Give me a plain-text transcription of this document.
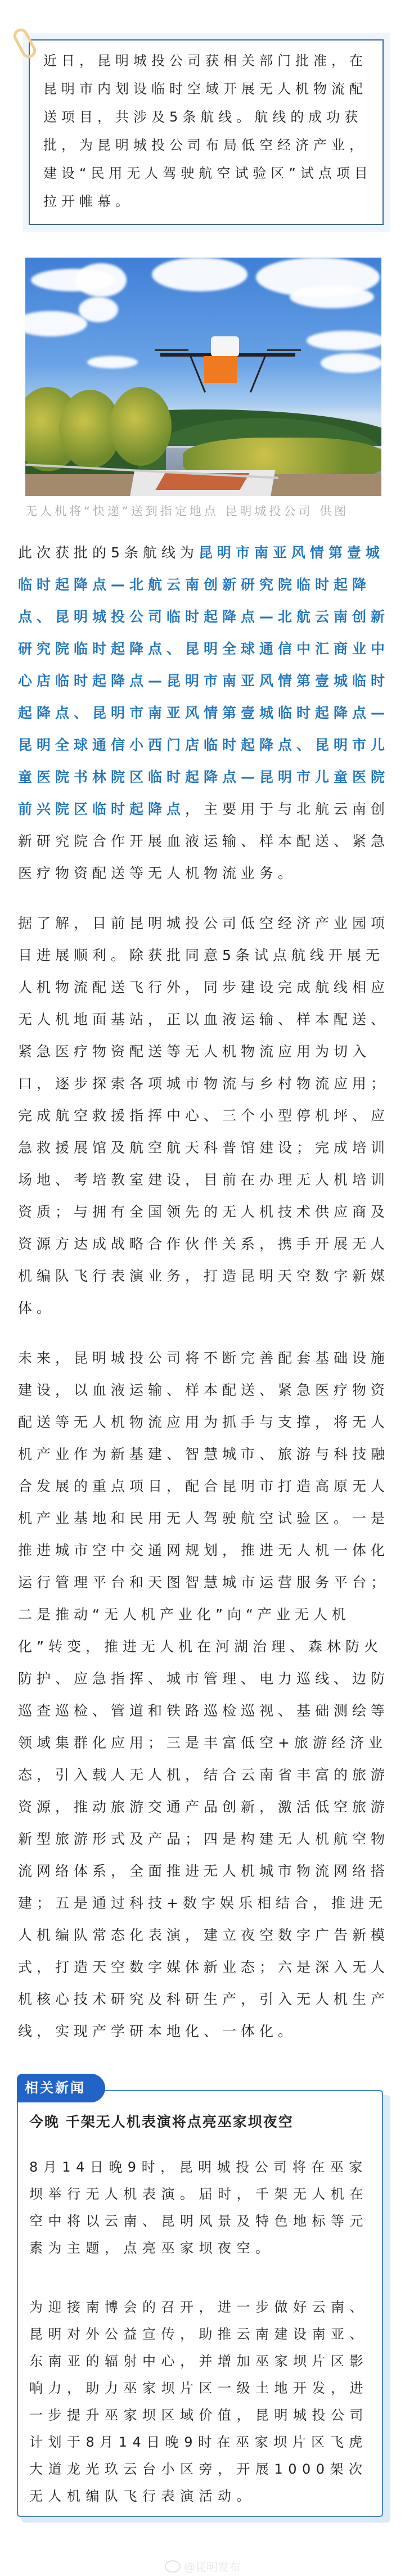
近日，昆明城投公司获相关部门批准，在昆明市内划设临时空域开展无人机物流配送项目，共涉及5条航线。航线的成功获批，为昆明城投公司布局低空经济产业，建设“民用无人驾驶航空试验区”试点项目拉开帷幕。

无人机将“快递”送到指定地点 昆明城投公司 供图

此次获批的5条航线为昆明市南亚风情第壹城临时起降点—北航云南创新研究院临时起降点、昆明城投公司临时起降点—北航云南创新研究院临时起降点、昆明全球通信中汇商业中心店临时起降点—昆明市南亚风情第壹城临时起降点、昆明市南亚风情第壹城临时起降点—昆明全球通信小西门店临时起降点、昆明市儿童医院书林院区临时起降点—昆明市儿童医院前兴院区临时起降点，主要用于与北航云南创新研究院合作开展血液运输、样本配送、紧急医疗物资配送等无人机物流业务。

据了解，目前昆明城投公司低空经济产业园项目进展顺利。除获批同意5条试点航线开展无人机物流配送飞行外，同步建设完成航线相应无人机地面基站，正以血液运输、样本配送、紧急医疗物资配送等无人机物流应用为切入口，逐步探索各项城市物流与乡村物流应用；完成航空救援指挥中心、三个小型停机坪、应急救援展馆及航空航天科普馆建设；完成培训场地、考培教室建设，目前在办理无人机培训资质；与拥有全国领先的无人机技术供应商及资源方达成战略合作伙伴关系，携手开展无人机编队飞行表演业务，打造昆明天空数字新媒体。

未来，昆明城投公司将不断完善配套基础设施建设，以血液运输、样本配送、紧急医疗物资配送等无人机物流应用为抓手与支撑，将无人机产业作为新基建、智慧城市、旅游与科技融合发展的重点项目，配合昆明市打造高原无人机产业基地和民用无人驾驶航空试验区。一是推进城市空中交通网规划，推进无人机一体化运行管理平台和天图智慧城市运营服务平台；二是推动“无人机产业化”向“产业无人机化”转变，推进无人机在河湖治理、森林防火防护、应急指挥、城市管理、电力巡线、边防巡查巡检、管道和铁路巡检巡视、基础测绘等领域集群化应用；三是丰富低空+旅游经济业态，引入载人无人机，结合云南省丰富的旅游资源，推动旅游交通产品创新，激活低空旅游新型旅游形式及产品；四是构建无人机航空物流网络体系，全面推进无人机城市物流网络搭建；五是通过科技+数字娱乐相结合，推进无人机编队常态化表演，建立夜空数字广告新模式，打造天空数字媒体新业态；六是深入无人机核心技术研究及科研生产，引入无人机生产线，实现产学研本地化、一体化。

相关新闻

今晚 千架无人机表演将点亮巫家坝夜空

8月14日晚9时，昆明城投公司将在巫家坝举行无人机表演。届时，千架无人机在空中将以云南、昆明风景及特色地标等元素为主题，点亮巫家坝夜空。

为迎接南博会的召开，进一步做好云南、昆明对外公益宣传，助推云南建设南亚、东南亚的辐射中心，并增加巫家坝片区影响力，助力巫家坝片区一级土地开发，进一步提升巫家坝区域价值，昆明城投公司计划于8月14日晚9时在巫家坝片区飞虎大道龙光玖云台小区旁，开展1000架次无人机编队飞行表演活动。

@昆明发布
